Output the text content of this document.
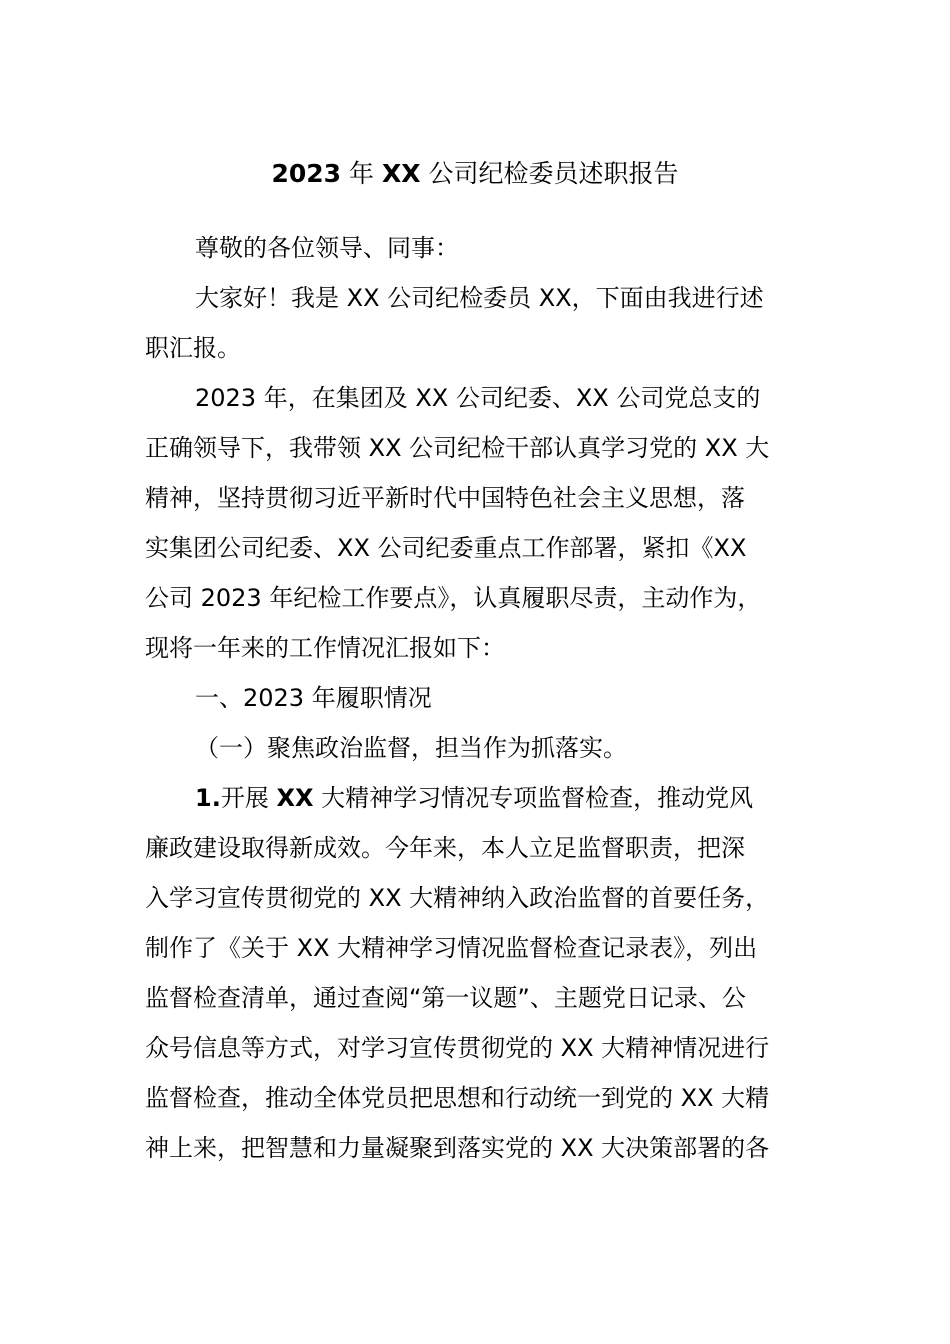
2023 年 XX 公司纪检委员述职报告
尊敬的各位领导、同事：
大家好！我是 XX 公司纪检委员 XX，下面由我进行述
职汇报。
2023 年，在集团及 XX 公司纪委、XX 公司党总支的
正确领导下，我带领 XX 公司纪检干部认真学习党的 XX 大
精神，坚持贯彻习近平新时代中国特色社会主义思想，落
实集团公司纪委、XX 公司纪委重点工作部署，紧扣《XX
公司 2023 年纪检工作要点》，认真履职尽责，主动作为，
现将一年来的工作情况汇报如下：
一、2023 年履职情况
（一）聚焦政治监督，担当作为抓落实。
1.开展 XX 大精神学习情况专项监督检查，推动党风
廉政建设取得新成效。今年来，本人立足监督职责，把深
入学习宣传贯彻党的 XX 大精神纳入政治监督的首要任务，
制作了《关于 XX 大精神学习情况监督检查记录表》，列出
监督检查清单，通过查阅“第一议题”、主题党日记录、公
众号信息等方式，对学习宣传贯彻党的 XX 大精神情况进行
监督检查，推动全体党员把思想和行动统一到党的 XX 大精
神上来，把智慧和力量凝聚到落实党的 XX 大决策部署的各
